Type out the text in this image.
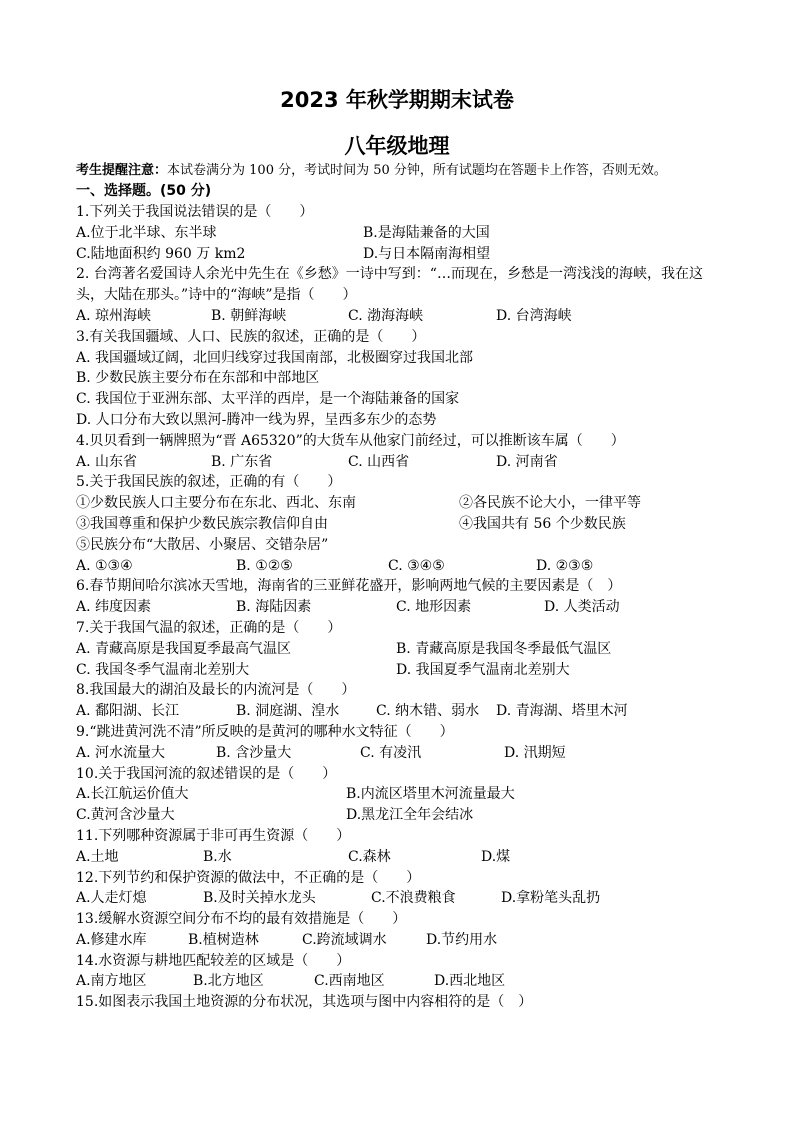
2023 年秋学期期末试卷
八年级地理
考生提醒注意：本试卷满分为 100 分，考试时间为 50 分钟，所有试题均在答题卡上作答，否则无效。
一、选择题。(50 分)
1.下列关于我国说法错误的是（　　）
A.位于北半球、东半球	B.是海陆兼备的大国
C.陆地面积约 960 万 km2	D.与日本隔南海相望
2. 台湾著名爱国诗人余光中先生在《乡愁》一诗中写到：“…而现在，乡愁是一湾浅浅的海峡，我在这头，大陆在那头。”诗中的“海峡”是指（　　）
A. 琼州海峡	B. 朝鲜海峡	C. 渤海海峡	D. 台湾海峡
3.有关我国疆域、人口、民族的叙述，正确的是（　　）
A. 我国疆域辽阔，北回归线穿过我国南部，北极圈穿过我国北部
B. 少数民族主要分布在东部和中部地区
C. 我国位于亚洲东部、太平洋的西岸，是一个海陆兼备的国家
D. 人口分布大致以黑河-腾冲一线为界，呈西多东少的态势
4.贝贝看到一辆牌照为“晋 A65320”的大货车从他家门前经过，可以推断该车属（　　）
A. 山东省	B. 广东省	C. 山西省	D. 河南省
5.关于我国民族的叙述，正确的有（　　）
①少数民族人口主要分布在东北、西北、东南	②各民族不论大小，一律平等
③我国尊重和保护少数民族宗教信仰自由	④我国共有 56 个少数民族
⑤民族分布“大散居、小聚居、交错杂居”
A. ①③④	B. ①②⑤	C. ③④⑤	D. ②③⑤
6.春节期间哈尔滨冰天雪地，海南省的三亚鲜花盛开，影响两地气候的主要因素是（　）
A. 纬度因素	B. 海陆因素	C. 地形因素	D. 人类活动
7.关于我国气温的叙述，正确的是（　　）
A. 青藏高原是我国夏季最高气温区	B. 青藏高原是我国冬季最低气温区
C. 我国冬季气温南北差别大	D. 我国夏季气温南北差别大
8.我国最大的湖泊及最长的内流河是（　　）
A. 鄱阳湖、长江	B. 洞庭湖、湟水	C. 纳木错、弱水 D. 青海湖、塔里木河
9.“跳进黄河洗不清”所反映的是黄河的哪种水文特征（　　）
A. 河水流量大	B. 含沙量大	C. 有凌汛	D. 汛期短
10.关于我国河流的叙述错误的是（　　）
A.长江航运价值大	B.内流区塔里木河流量最大
C.黄河含沙量大	D.黑龙江全年会结冰
11.下列哪种资源属于非可再生资源（　　）
A.土地	B.水	C.森林	D.煤
12.下列节约和保护资源的做法中，不正确的是（　　）
A.人走灯熄	B.及时关掉水龙头	C.不浪费粮食	D.拿粉笔头乱扔
13.缓解水资源空间分布不均的最有效措施是（　　）
A.修建水库	B.植树造林	C.跨流域调水	D.节约用水
14.水资源与耕地匹配较差的区域是（　　）
A.南方地区	B.北方地区	C.西南地区	D.西北地区
15.如图表示我国土地资源的分布状况，其选项与图中内容相符的是（　）
